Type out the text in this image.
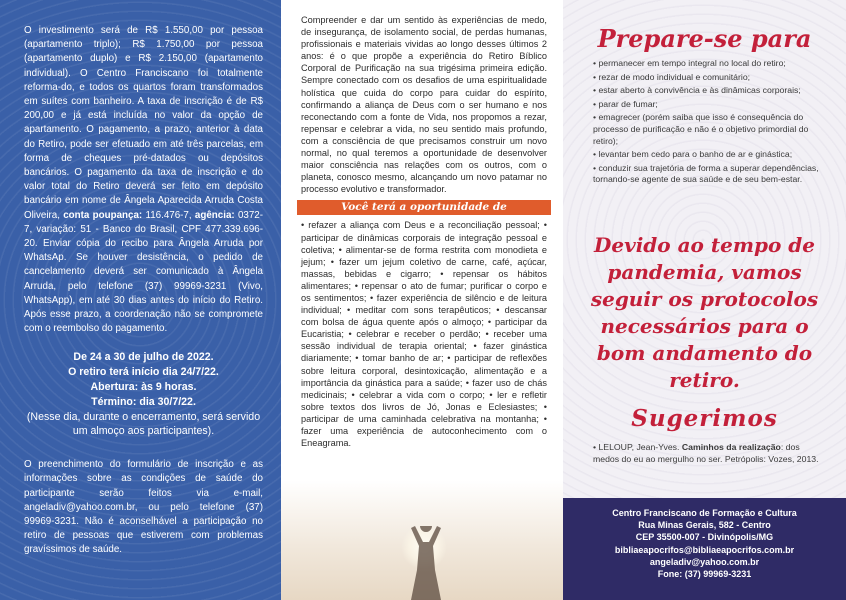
O investimento será de R$ 1.550,00 por pessoa (apartamento triplo); R$ 1.750,00 por pessoa (apartamento duplo) e R$ 2.150,00 (apartamento individual). O Centro Franciscano foi totalmente reforma-do, e todos os quartos foram transformados em suítes com banheiro. A taxa de inscrição é de R$ 200,00 e já está incluída no valor da opção de apartamento. O pagamento, a prazo, anterior à data do Retiro, pode ser efetuado em até três parcelas, em forma de cheques pré-datados ou depósitos bancários. O pagamento da taxa de inscrição e do valor total do Retiro deverá ser feito em depósito bancário em nome de Ângela Aparecida Arruda Costa Oliveira, conta poupança: 116.476-7, agência: 0372-7, variação: 51 - Banco do Brasil, CPF 477.339.696-20. Enviar cópia do recibo para Ângela Arruda por WhatsAp. Se houver desistência, o pedido de cancelamento deverá ser comunicado à Ângela Arruda, pelo telefone (37) 99969-3231 (Vivo, WhatsApp), em até 30 dias antes do início do Retiro. Após esse prazo, a coordenação não se compromete com o reembolso do pagamento.

De 24 a 30 de julho de 2022.
O retiro terá início dia 24/7/22.
Abertura: às 9 horas.
Término: dia 30/7/22.
(Nesse dia, durante o encerramento, será servido um almoço aos participantes).

O preenchimento do formulário de inscrição e as informações sobre as condições de saúde do participante serão feitos via e-mail, angeladiv@yahoo.com.br, ou pelo telefone (37) 99969-3231. Não é aconselhável a participação no retiro de pessoas que estiverem com problemas gravíssimos de saúde.

Compreender e dar um sentido às experiências de medo, de insegurança, de isolamento social, de perdas humanas, profissionais e materiais vividas ao longo desses últimos 2 anos: é o que propõe a experiência do Retiro Bíblico Corporal de Purificação na sua trigésima primeira edição. Sempre conectado com os desafios de uma espiritualidade holística que cuida do corpo para cuidar do espírito, confirmando a aliança de Deus com o ser humano e nos reconectando com a fonte de Vida, nos propomos a rezar, repensar e celebrar a vida, no seu sentido mais profundo, com a consciência de que precisamos construir um novo normal, no qual teremos a oportunidade de desenvolver maior consciência nas relações com os outros, com o planeta, conosco mesmo, alcançando um novo patamar no processo evolutivo e transformador.

Você terá a oportunidade de

• refazer a aliança com Deus e a reconciliação pessoal; • participar de dinâmicas corporais de integração pessoal e coletiva; • alimentar-se de forma restrita com monodieta e jejum; • fazer um jejum coletivo de carne, café, açúcar, massas, bebidas e cigarro; • repensar os hábitos alimentares; • repensar o ato de fumar; purificar o corpo e os sentimentos; • fazer experiência de silêncio e de leitura individual; • meditar com sons terapêuticos; • descansar com bolsa de água quente após o almoço; • participar da Eucaristia; • celebrar e receber o perdão; • receber uma sessão individual de terapia oriental; • fazer ginástica diariamente; • tomar banho de ar; • participar de reflexões sobre leitura corporal, desintoxicação, alimentação e a importância da ginástica para a saúde; • fazer uso de chás medicinais; • celebrar a vida com o corpo; • ler e refletir sobre textos dos livros de Jó, Jonas e Eclesiastes; • participar de uma caminhada celebrativa na montanha; • fazer uma experiência de autoconhecimento com o Eneagrama.

Prepare-se para
• permanecer em tempo integral no local do retiro;
• rezar de modo individual e comunitário;
• estar aberto à convivência e às dinâmicas corporais;
• parar de fumar;
• emagrecer (porém saiba que isso é consequência do processo de purificação e não é o objetivo primordial do retiro);
• levantar bem cedo para o banho de ar e ginástica;
• conduzir sua trajetória de forma a superar dependências, tornando-se agente de sua saúde e de seu bem-estar.
Devido ao tempo de pandemia, vamos seguir os protocolos necessários para o bom andamento do retiro.
Sugerimos

• LELOUP, Jean-Yves. Caminhos da realização: dos medos do eu ao mergulho no ser. Petrópolis: Vozes, 2013.

Centro Franciscano de Formação e Cultura
Rua Minas Gerais, 582 - Centro
CEP 35500-007 - Divinópolis/MG
bibliaeapocrifos@bibliaeapocrifos.com.br
angeladiv@yahoo.com.br
Fone: (37) 99969-3231
